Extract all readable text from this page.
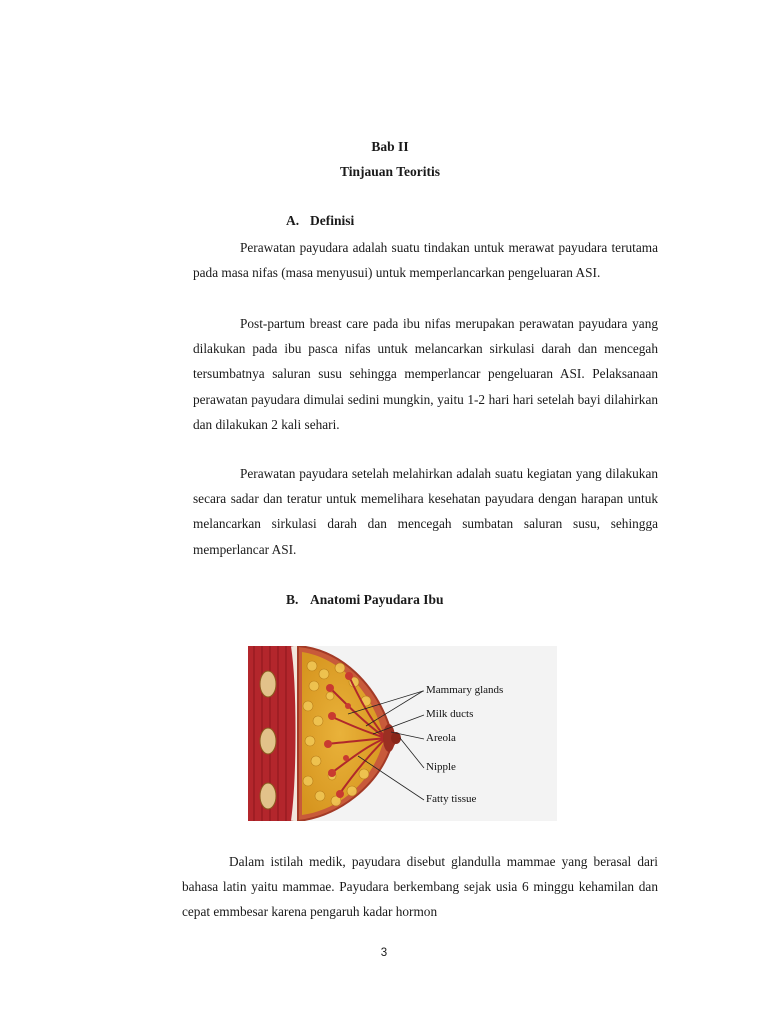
Bab II
Tinjauan Teoritis
A. Definisi

Perawatan payudara adalah suatu tindakan untuk merawat payudara terutama pada masa nifas (masa menyusui) untuk memperlancarkan pengeluaran ASI.

Post-partum breast care pada ibu nifas merupakan perawatan payudara yang dilakukan pada ibu pasca nifas untuk melancarkan sirkulasi darah dan mencegah tersumbatnya saluran susu sehingga memperlancar pengeluaran ASI. Pelaksanaan perawatan payudara dimulai sedini mungkin, yaitu 1-2 hari hari setelah bayi dilahirkan dan dilakukan 2 kali sehari.

Perawatan payudara setelah melahirkan adalah suatu kegiatan yang dilakukan secara sadar dan teratur untuk memelihara kesehatan payudara dengan harapan untuk melancarkan sirkulasi darah dan mencegah sumbatan saluran susu, sehingga memperlancar ASI.

B. Anatomi Payudara Ibu
Mammary glands
Milk ducts
Areola
Nipple
Fatty tissue

Dalam istilah medik, payudara disebut glandulla mammae yang berasal dari bahasa latin yaitu mammae. Payudara berkembang sejak usia 6 minggu kehamilan dan cepat emmbesar karena pengaruh kadar hormon

3
